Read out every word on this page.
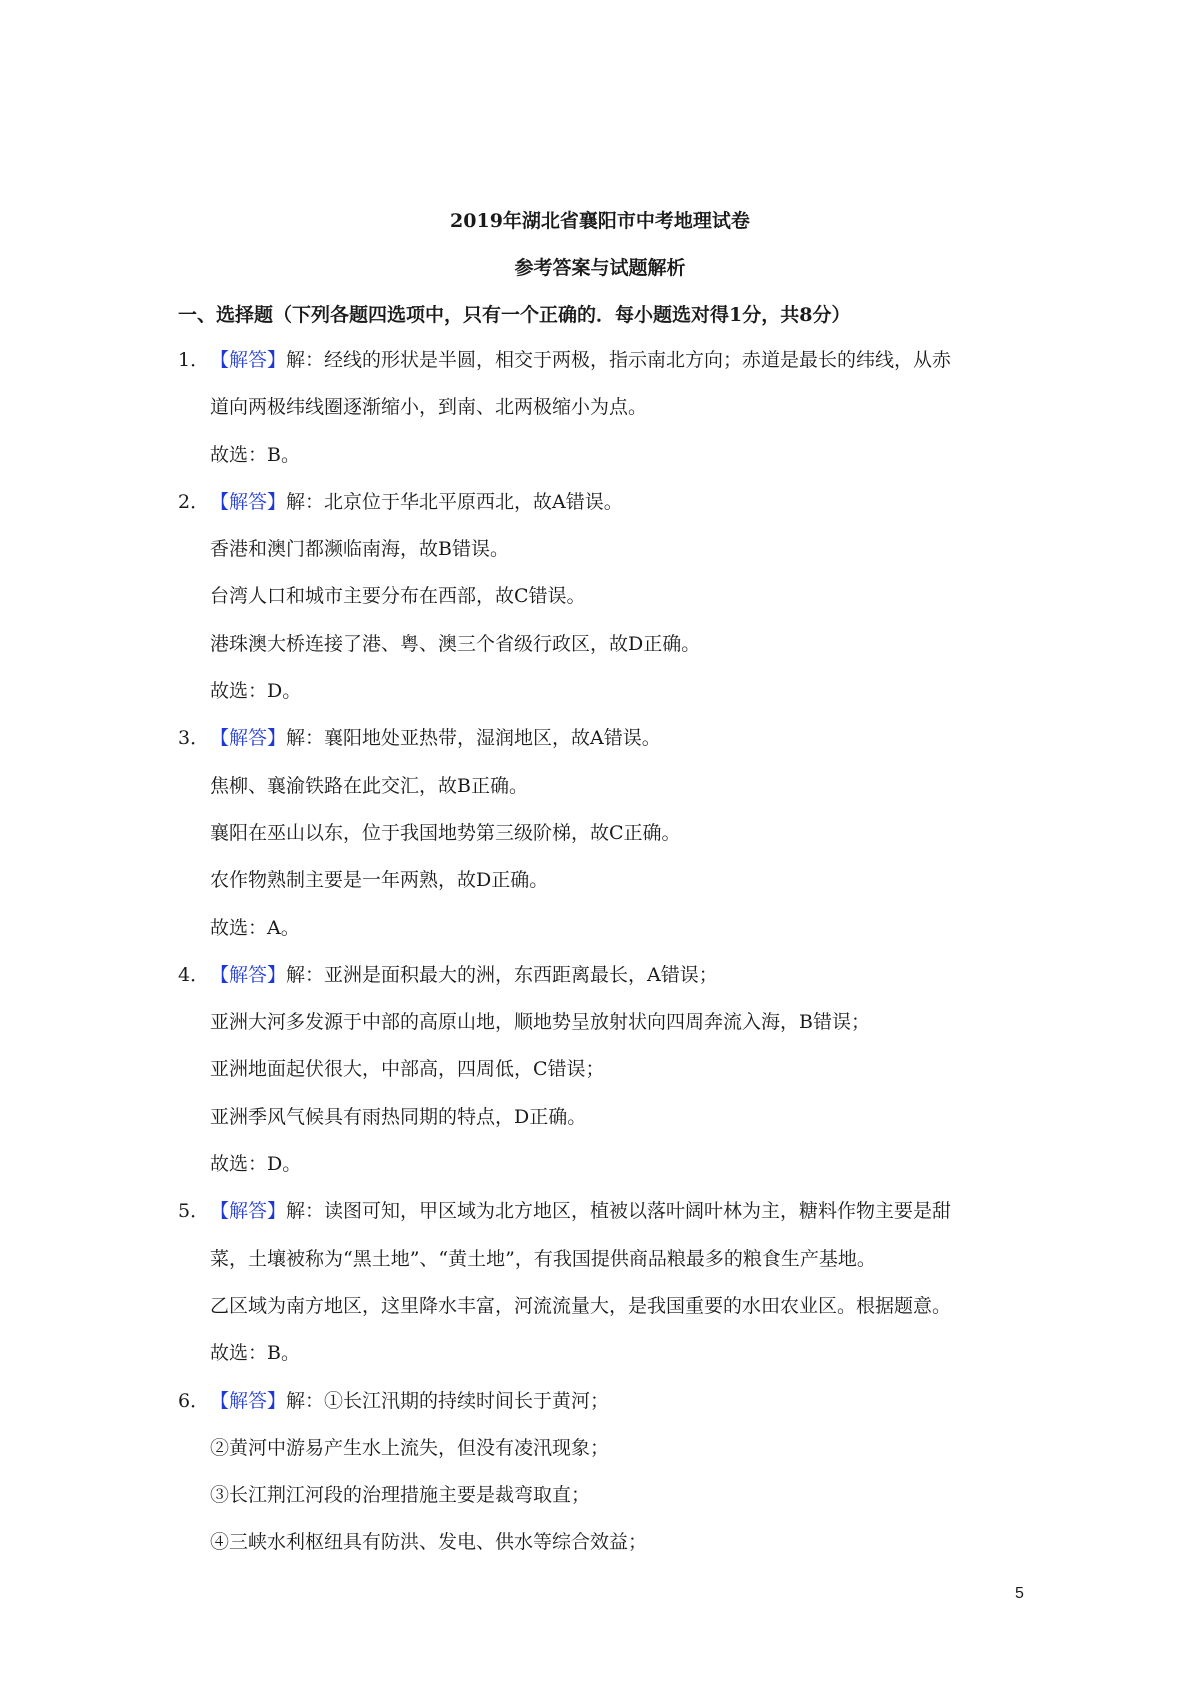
2019年湖北省襄阳市中考地理试卷
参考答案与试题解析
一、选择题（下列各题四选项中，只有一个正确的．每小题选对得1分，共8分）
1．【解答】解：经线的形状是半圆，相交于两极，指示南北方向；赤道是最长的纬线，从赤
道向两极纬线圈逐渐缩小，到南、北两极缩小为点。
故选：B。
2．【解答】解：北京位于华北平原西北，故A错误。
香港和澳门都濒临南海，故B错误。
台湾人口和城市主要分布在西部，故C错误。
港珠澳大桥连接了港、粤、澳三个省级行政区，故D正确。
故选：D。
3．【解答】解：襄阳地处亚热带，湿润地区，故A错误。
焦柳、襄渝铁路在此交汇，故B正确。
襄阳在巫山以东，位于我国地势第三级阶梯，故C正确。
农作物熟制主要是一年两熟，故D正确。
故选：A。
4．【解答】解：亚洲是面积最大的洲，东西距离最长，A错误；
亚洲大河多发源于中部的高原山地，顺地势呈放射状向四周奔流入海，B错误；
亚洲地面起伏很大，中部高，四周低，C错误；
亚洲季风气候具有雨热同期的特点，D正确。
故选：D。
5．【解答】解：读图可知，甲区域为北方地区，植被以落叶阔叶林为主，糖料作物主要是甜
菜，土壤被称为“黑土地”、“黄土地”，有我国提供商品粮最多的粮食生产基地。
乙区域为南方地区，这里降水丰富，河流流量大，是我国重要的水田农业区。根据题意。
故选：B。
6．【解答】解：①长江汛期的持续时间长于黄河；
②黄河中游易产生水上流失，但没有凌汛现象；
③长江荆江河段的治理措施主要是裁弯取直；
④三峡水利枢纽具有防洪、发电、供水等综合效益；
5
